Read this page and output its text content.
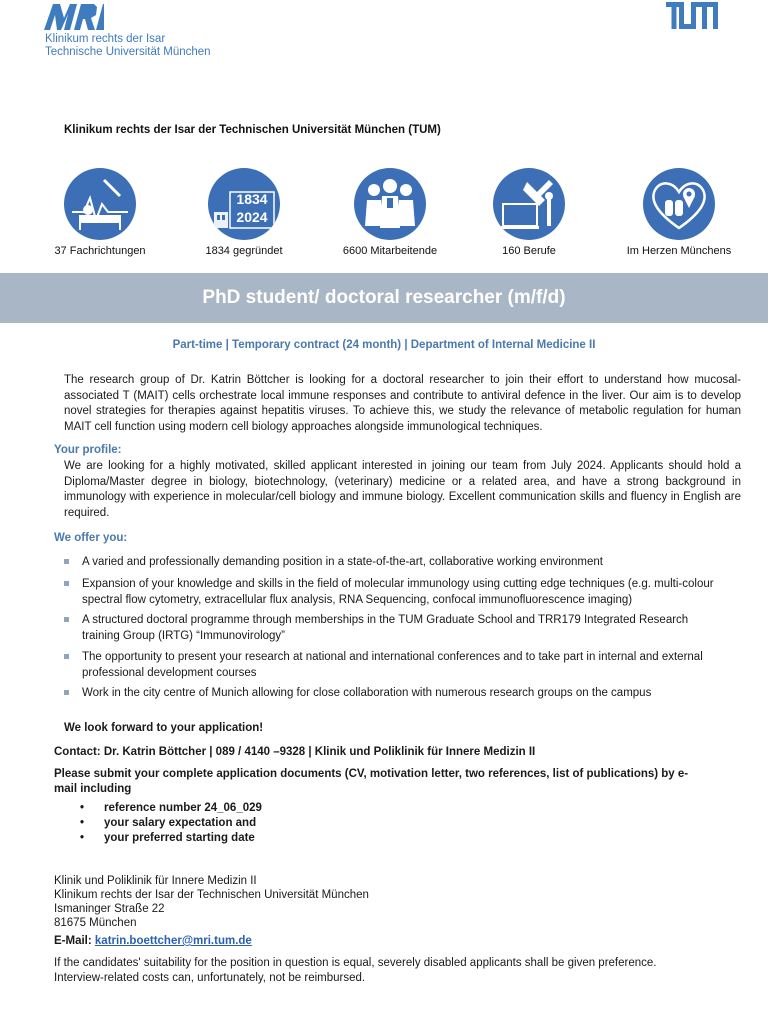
Klinikum rechts der Isar
Technische Universität München
Klinikum rechts der Isar der Technischen Universität München (TUM)
37 Fachrichtungen
1834
2024
1834 gegründet	6600 Mitarbeitende	160 Berufe	Im Herzen Münchens
PhD student/ doctoral researcher (m/f/d)
Part-time | Temporary contract (24 month) | Department of Internal Medicine II
The research group of Dr. Katrin Böttcher is looking for a doctoral researcher to join their effort to understand how mucosal-associated T (MAIT) cells orchestrate local immune responses and contribute to antiviral defence in the liver. Our aim is to develop novel strategies for therapies against hepatitis viruses. To achieve this, we study the relevance of metabolic regulation for human MAIT cell function using modern cell biology approaches alongside immunological techniques.
Your profile:
We are looking for a highly motivated, skilled applicant interested in joining our team from July 2024. Applicants should hold a Diploma/Master degree in biology, biotechnology, (veterinary) medicine or a related area, and have a strong background in immunology with experience in molecular/cell biology and immune biology. Excellent communication skills and fluency in English are required.
We offer you:
A varied and professionally demanding position in a state-of-the-art, collaborative working environment
Expansion of your knowledge and skills in the field of molecular immunology using cutting edge techniques (e.g. multi-colour spectral flow cytometry, extracellular flux analysis, RNA Sequencing, confocal immunofluorescence imaging)
A structured doctoral programme through memberships in the TUM Graduate School and TRR179 Integrated Research training Group (IRTG) “Immunovirology”
The opportunity to present your research at national and international conferences and to take part in internal and external professional development courses
Work in the city centre of Munich allowing for close collaboration with numerous research groups on the campus
We look forward to your application!
Contact: Dr. Katrin Böttcher | 089 / 4140 –9328 | Klinik und Poliklinik für Innere Medizin II
Please submit your complete application documents (CV, motivation letter, two references, list of publications) by e-mail including
• reference number 24_06_029
• your salary expectation and
• your preferred starting date
Klinik und Poliklinik für Innere Medizin II
Klinikum rechts der Isar der Technischen Universität München
Ismaninger Straße 22
81675 München
E-Mail: katrin.boettcher@mri.tum.de
If the candidates' suitability for the position in question is equal, severely disabled applicants shall be given preference. Interview-related costs can, unfortunately, not be reimbursed.
